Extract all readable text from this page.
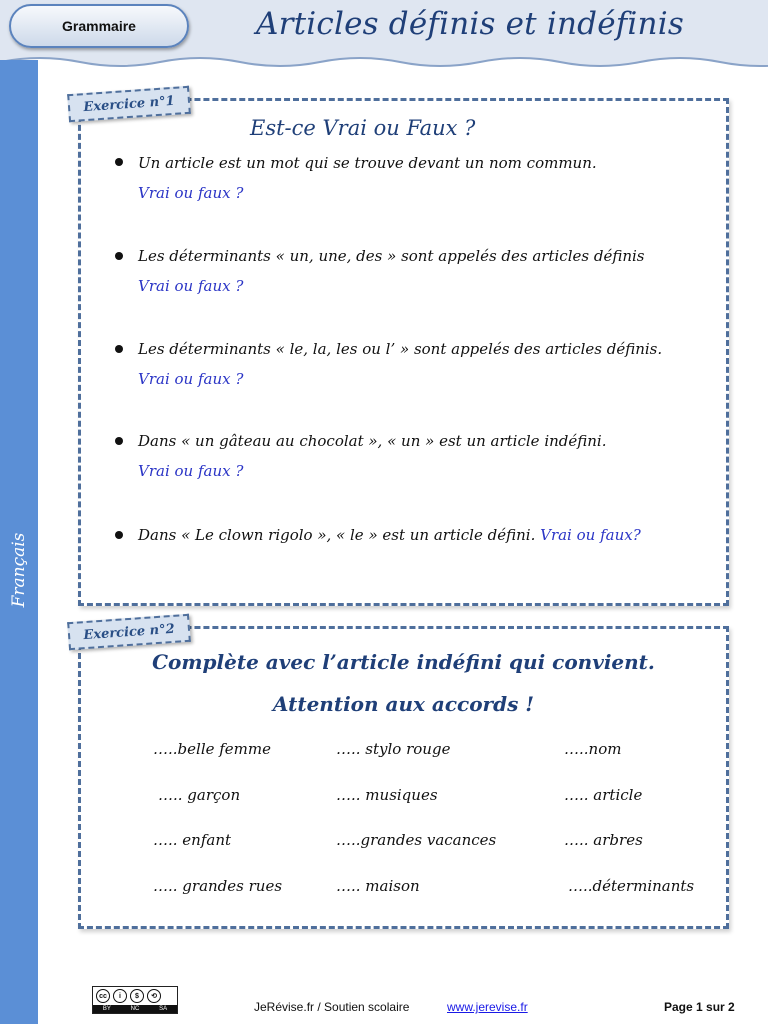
Grammaire	Articles définis et indéfinis
Français
Exercice n°1
Est-ce Vrai ou Faux ?
Un article est un mot qui se trouve devant un nom commun.
Vrai ou faux ?
Les déterminants « un, une, des » sont appelés des articles définis
Vrai ou faux ?
Les déterminants « le, la, les ou l’ » sont appelés des articles définis.
Vrai ou faux ?
Dans « un gâteau au chocolat », « un » est un article indéfini.
Vrai ou faux ?
Dans « Le clown rigolo », « le » est un article défini. Vrai ou faux?
Exercice n°2
Complète avec l’article indéfini qui convient.
Attention aux accords !
…..belle femme	….. stylo rouge	…..nom
….. garçon	….. musiques	….. article
….. enfant	…..grandes vacances	….. arbres
….. grandes rues	….. maison	…..déterminants
cc	i	$	⟲
BY	NC	SA	JeRévise.fr / Soutien scolaire	www.jerevise.fr	Page 1 sur 2
